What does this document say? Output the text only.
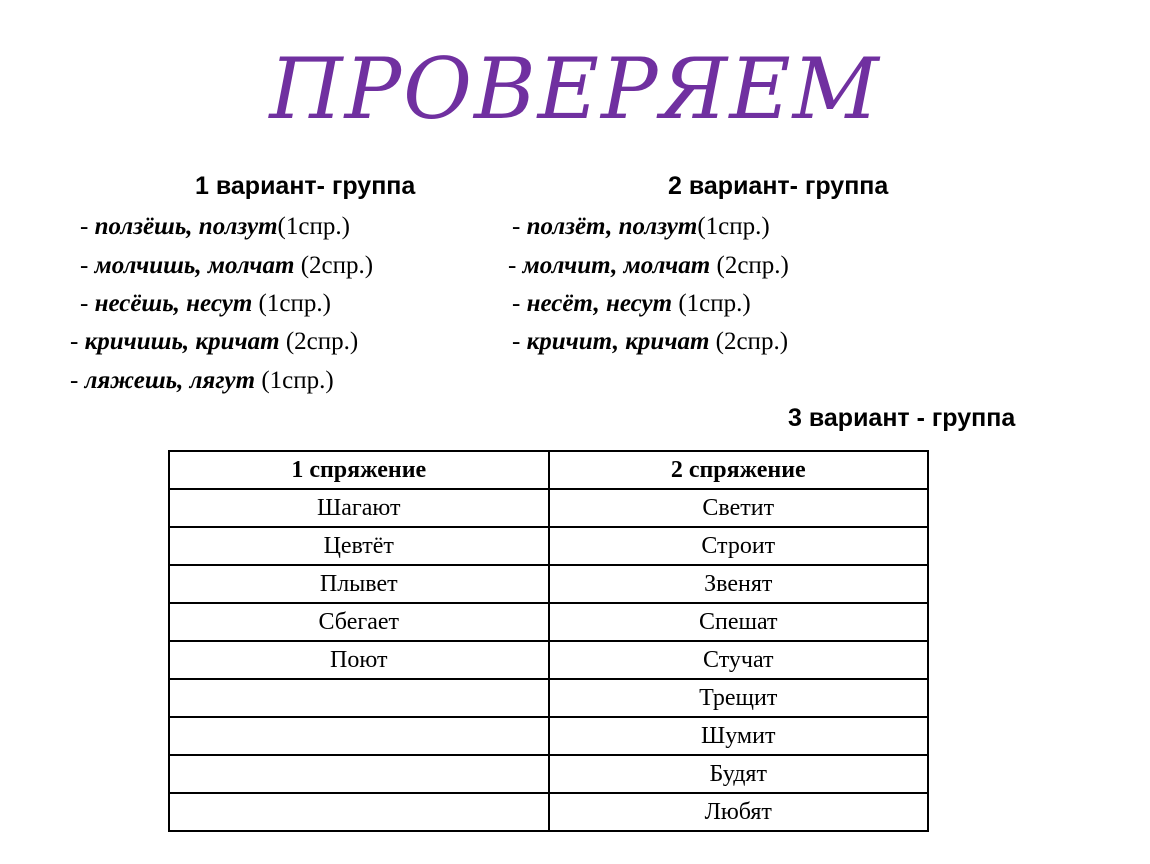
ПРОВЕРЯЕМ
1 вариант- группа	2 вариант- группа
- ползёшь, ползут(1спр.)
- молчишь, молчат (2спр.)
- несёшь, несут (1спр.)
- кричишь, кричат (2спр.)
- ляжешь, лягут (1спр.)
- ползёт, ползут(1спр.)
- молчит, молчат (2спр.)
- несёт, несут (1спр.)
- кричит, кричат (2спр.)
3 вариант - группа
1 спряжение	2 спряжение
Шагают	Светит
Цевтёт	Строит
Плывет	Звенят
Сбегает	Спешат
Поют	Стучат
	Трещит
	Шумит
	Будят
	Любят
